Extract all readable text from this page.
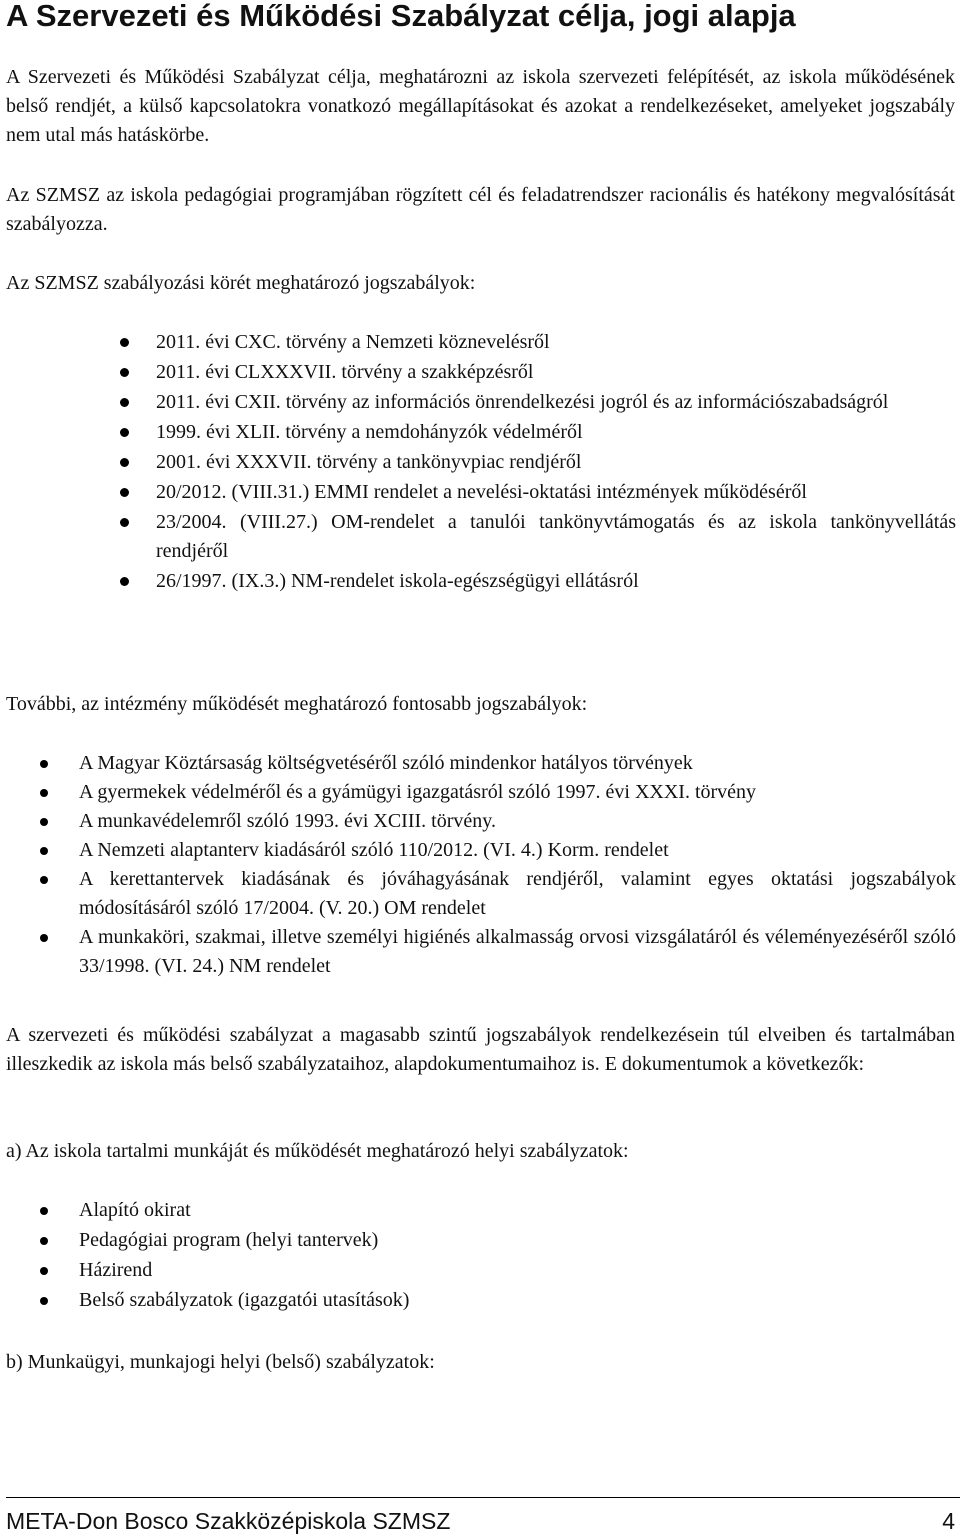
A Szervezeti és Működési Szabályzat célja, jogi alapja

A Szervezeti és Működési Szabályzat célja, meghatározni az iskola szervezeti felépítését, az iskola működésének belső rendjét, a külső kapcsolatokra vonatkozó megállapításokat és azokat a rendelkezéseket, amelyeket jogszabály nem utal más hatáskörbe.

Az SZMSZ az iskola pedagógiai programjában rögzített cél és feladatrendszer racionális és hatékony megvalósítását szabályozza.

Az SZMSZ szabályozási körét meghatározó jogszabályok:

2011. évi CXC. törvény a Nemzeti köznevelésről
2011. évi CLXXXVII. törvény a szakképzésről
2011. évi CXII. törvény az információs önrendelkezési jogról és az információszabadságról
1999. évi XLII. törvény a nemdohányzók védelméről
2001. évi XXXVII. törvény a tankönyvpiac rendjéről
20/2012. (VIII.31.) EMMI rendelet a nevelési-oktatási intézmények működéséről
23/2004. (VIII.27.) OM-rendelet a tanulói tankönyvtámogatás és az iskola tankönyvellátás rendjéről
26/1997. (IX.3.) NM-rendelet iskola-egészségügyi ellátásról

További, az intézmény működését meghatározó fontosabb jogszabályok:

A Magyar Köztársaság költségvetéséről szóló mindenkor hatályos törvények
A gyermekek védelméről és a gyámügyi igazgatásról szóló 1997. évi XXXI. törvény
A munkavédelemről szóló 1993. évi XCIII. törvény.
A Nemzeti alaptanterv kiadásáról szóló 110/2012. (VI. 4.) Korm. rendelet
A kerettantervek kiadásának és jóváhagyásának rendjéről, valamint egyes oktatási jogszabályok módosításáról szóló 17/2004. (V. 20.) OM rendelet
A munkaköri, szakmai, illetve személyi higiénés alkalmasság orvosi vizsgálatáról és véleményezéséről szóló 33/1998. (VI. 24.) NM rendelet

A szervezeti és működési szabályzat a magasabb szintű jogszabályok rendelkezésein túl elveiben és tartalmában illeszkedik az iskola más belső szabályzataihoz, alapdokumentumaihoz is. E dokumentumok a következők:

a) Az iskola tartalmi munkáját és működését meghatározó helyi szabályzatok:

Alapító okirat
Pedagógiai program (helyi tantervek)
Házirend
Belső szabályzatok (igazgatói utasítások)

b) Munkaügyi, munkajogi helyi (belső) szabályzatok:

META-Don Bosco Szakközépiskola SZMSZ	4
